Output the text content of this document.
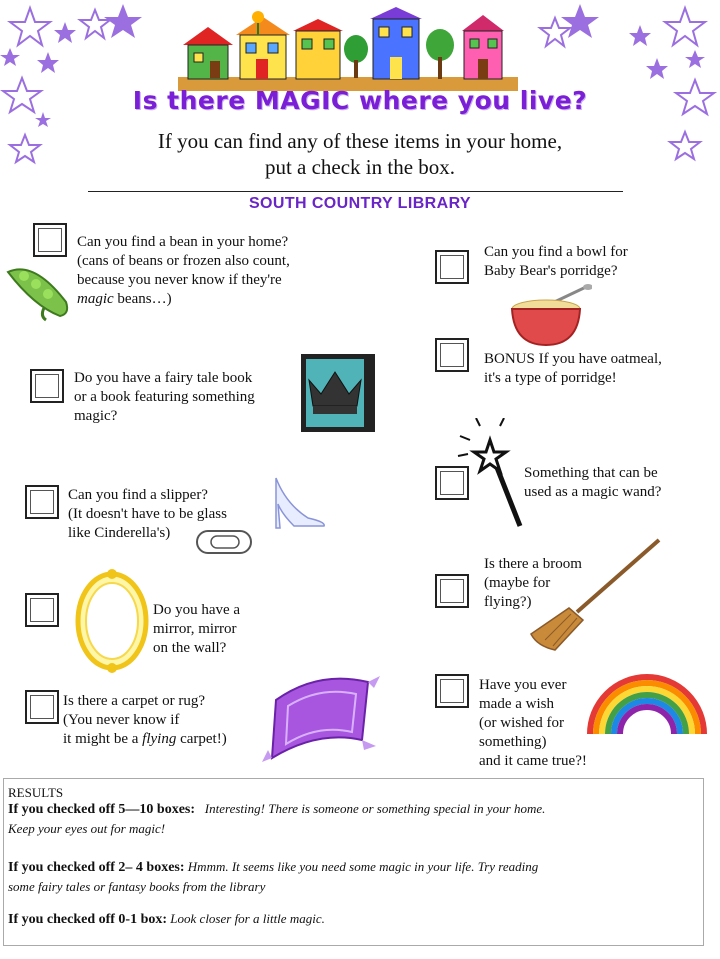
Is there MAGIC where you live?
If you can find any of these items in your home,
put a check in the box.
SOUTH COUNTRY LIBRARY
Can you find a bean in your home?
(cans of beans or frozen also count,
because you never know if they're
magic beans…)
Do you have a fairy tale book
or a book featuring something
magic?
Can you find a slipper?
(It doesn't have to be glass
like Cinderella's)
Do you have a
mirror, mirror
on the wall?
Is there a carpet or rug?
(You never know if
it might be a flying carpet!)
Can you find a bowl for
Baby Bear's porridge?
BONUS If you have oatmeal,
it's a type of porridge!
Something that can be
used as a magic wand?
Is there a broom
(maybe for
flying?)
Have you ever
made a wish
(or wished for
something)
and it came true?!
RESULTS
If you checked off 5—10 boxes: Interesting! There is someone or something special in your home.
Keep your eyes out for magic!
If you checked off 2– 4 boxes: Hmmm. It seems like you need some magic in your life. Try reading
some fairy tales or fantasy books from the library
If you checked off 0-1 box: Look closer for a little magic.
